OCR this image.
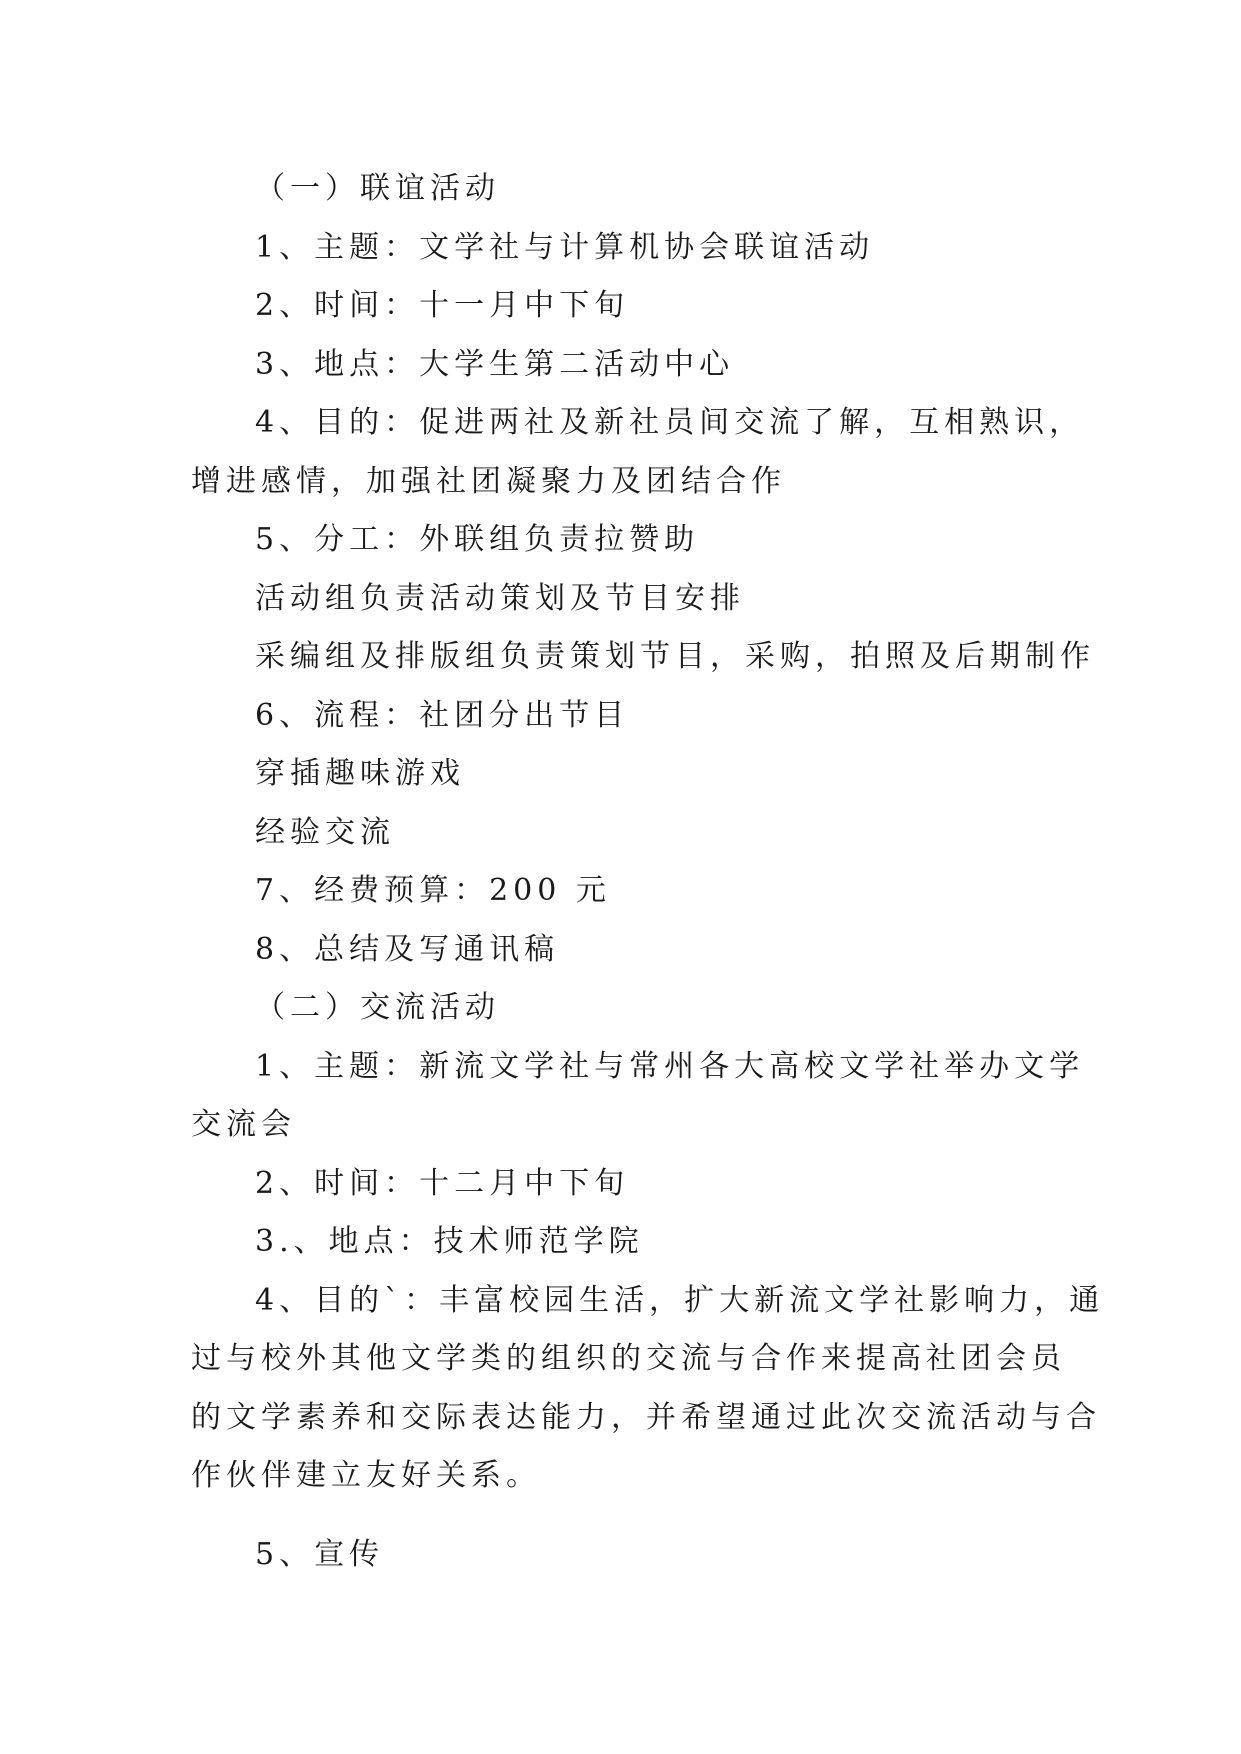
（一）联谊活动
1、主题：文学社与计算机协会联谊活动
2、时间：十一月中下旬
3、地点：大学生第二活动中心
4、目的：促进两社及新社员间交流了解，互相熟识，
增进感情，加强社团凝聚力及团结合作
5、分工：外联组负责拉赞助
活动组负责活动策划及节目安排
采编组及排版组负责策划节目，采购，拍照及后期制作
6、流程：社团分出节目
穿插趣味游戏
经验交流
7、经费预算：200 元
8、总结及写通讯稿
（二）交流活动
1、主题：新流文学社与常州各大高校文学社举办文学
交流会
2、时间：十二月中下旬
3.、地点：技术师范学院
4、目的`：丰富校园生活，扩大新流文学社影响力，通
过与校外其他文学类的组织的交流与合作来提高社团会员
的文学素养和交际表达能力，并希望通过此次交流活动与合
作伙伴建立友好关系。
5、宣传
